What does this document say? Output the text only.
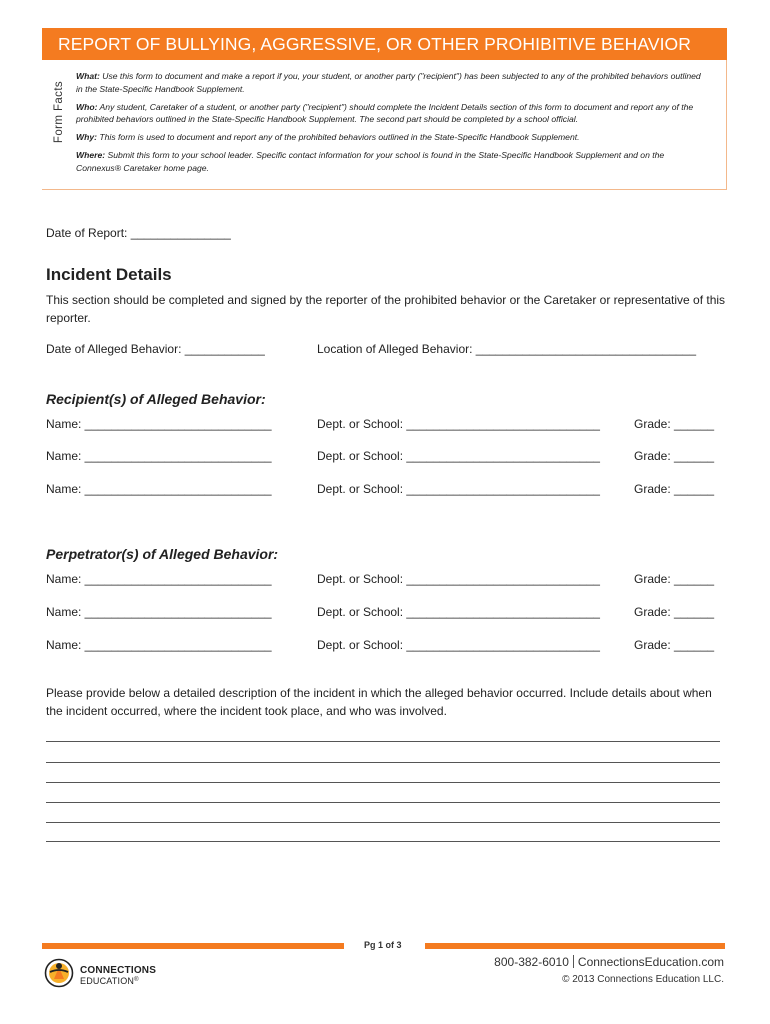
REPORT OF BULLYING, AGGRESSIVE, OR OTHER PROHIBITIVE BEHAVIOR
Form Facts

What: Use this form to document and make a report if you, your student, or another party ("recipient") has been subjected to any of the prohibited behaviors outlined in the State-Specific Handbook Supplement.

Who: Any student, Caretaker of a student, or another party ("recipient") should complete the Incident Details section of this form to document and report any of the prohibited behaviors outlined in the State-Specific Handbook Supplement. The second part should be completed by a school official.

Why: This form is used to document and report any of the prohibited behaviors outlined in the State-Specific Handbook Supplement.

Where: Submit this form to your school leader. Specific contact information for your school is found in the State-Specific Handbook Supplement and on the Connexus® Caretaker home page.

Date of Report: _______________
Incident Details
This section should be completed and signed by the reporter of the prohibited behavior or the Caretaker or representative of this reporter.
Date of Alleged Behavior: ____________	Location of Alleged Behavior: _________________________________
Recipient(s) of Alleged Behavior:
Name: ____________________________	Dept. or School: _____________________________	Grade: ______
Name: ____________________________	Dept. or School: _____________________________	Grade: ______
Name: ____________________________	Dept. or School: _____________________________	Grade: ______
Perpetrator(s) of Alleged Behavior:
Name: ____________________________	Dept. or School: _____________________________	Grade: ______
Name: ____________________________	Dept. or School: _____________________________	Grade: ______
Name: ____________________________	Dept. or School: _____________________________	Grade: ______
Please provide below a detailed description of the incident in which the alleged behavior occurred. Include details about when the incident occurred, where the incident took place, and who was involved.
Pg 1 of 3
CONNECTIONS
EDUCATION®
800-382-6010 ConnectionsEducation.com
© 2013 Connections Education LLC.
